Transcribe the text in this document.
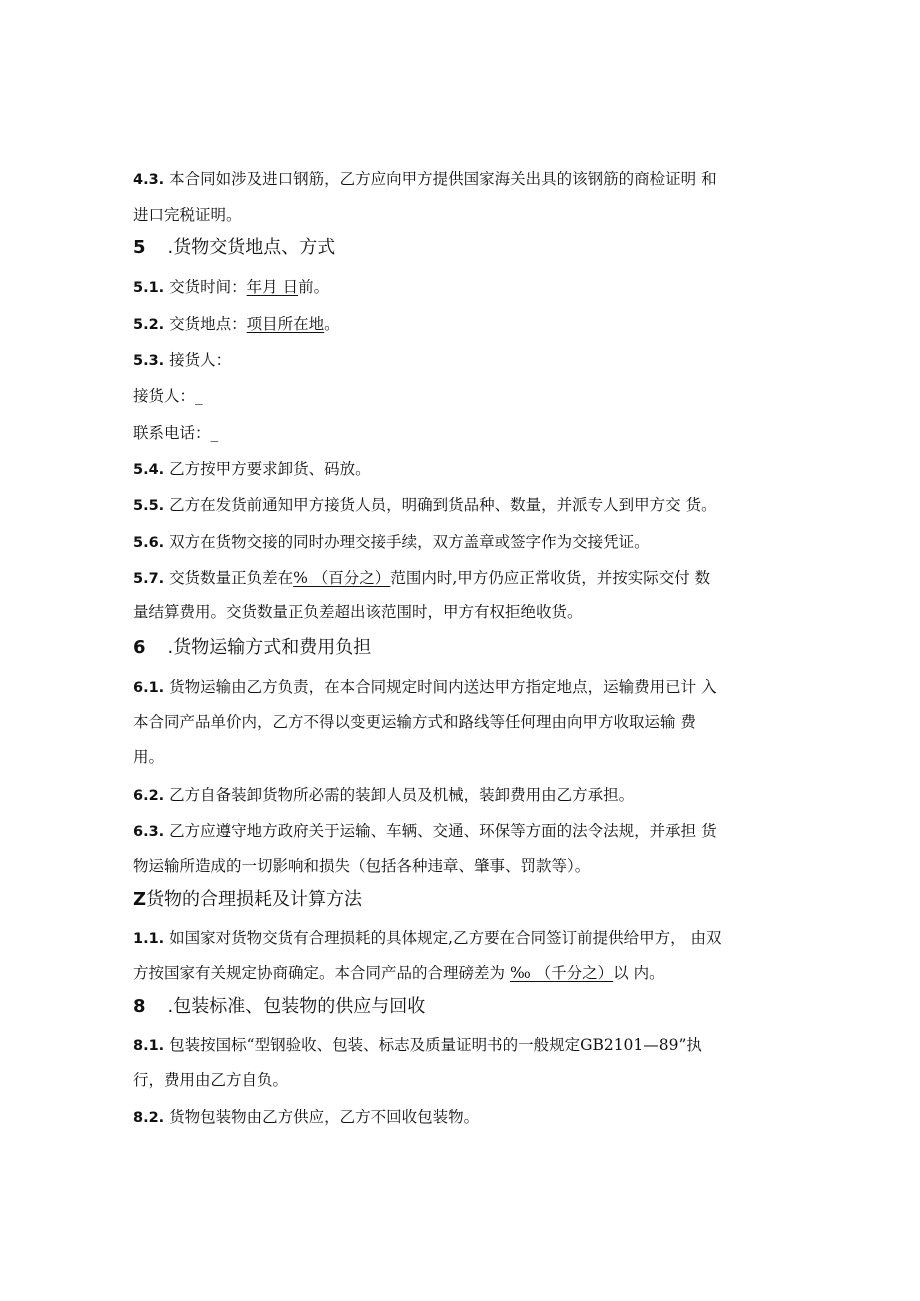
4.3. 本合同如涉及进口钢筋，乙方应向甲方提供国家海关出具的该钢筋的商检证明 和
进口完税证明。
5 .货物交货地点、方式
5.1. 交货时间：年月 日前。
5.2. 交货地点：项目所在地。
5.3. 接货人：
接货人：_
联系电话：_
5.4. 乙方按甲方要求卸货、码放。
5.5. 乙方在发货前通知甲方接货人员，明确到货品种、数量，并派专人到甲方交 货。
5.6. 双方在货物交接的同时办理交接手续，双方盖章或签字作为交接凭证。
5.7. 交货数量正负差在% （百分之）范围内时,甲方仍应正常收货，并按实际交付 数
量结算费用。交货数量正负差超出该范围时，甲方有权拒绝收货。
6 .货物运输方式和费用负担
6.1. 货物运输由乙方负责，在本合同规定时间内送达甲方指定地点，运输费用已计 入
本合同产品单价内，乙方不得以变更运输方式和路线等任何理由向甲方收取运输 费
用。
6.2. 乙方自备装卸货物所必需的装卸人员及机械，装卸费用由乙方承担。
6.3. 乙方应遵守地方政府关于运输、车辆、交通、环保等方面的法令法规，并承担 货
物运输所造成的一切影响和损失（包括各种违章、肇事、罚款等）。
Z货物的合理损耗及计算方法
1.1. 如国家对货物交货有合理损耗的具体规定,乙方要在合同签订前提供给甲方， 由双
方按国家有关规定协商确定。本合同产品的合理磅差为 ‰ （千分之）以 内。
8 .包装标准、包装物的供应与回收
8.1. 包装按国标“型钢验收、包装、标志及质量证明书的一般规定GB2101—89”执
行，费用由乙方自负。
8.2. 货物包装物由乙方供应，乙方不回收包装物。
